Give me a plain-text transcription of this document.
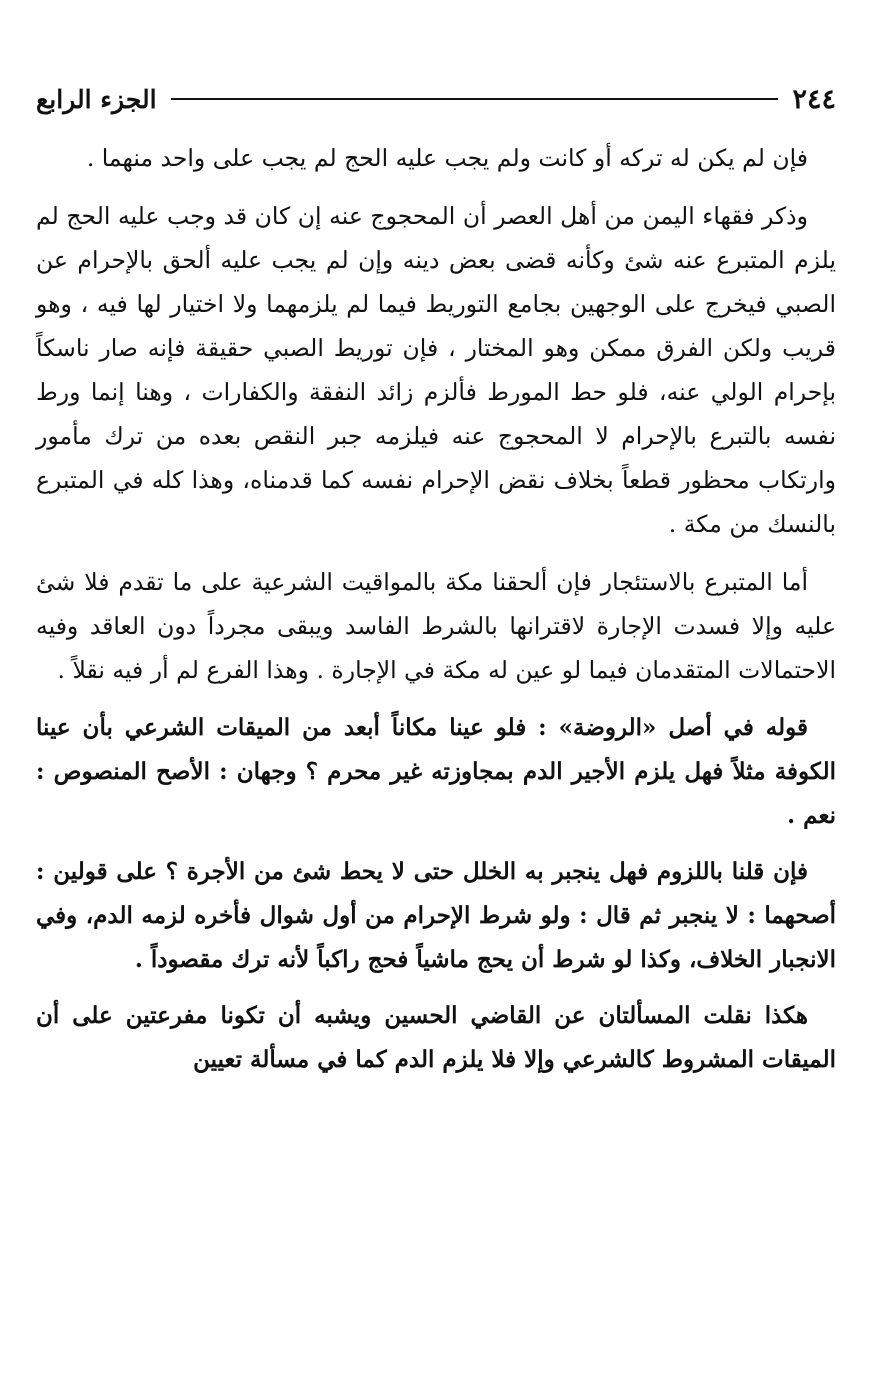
٢٤٤
الجزء الرابع

فإن لم يكن له تركه أو كانت ولم يجب عليه الحج لم يجب على واحد منهما .

وذكر فقهاء اليمن من أهل العصر أن المحجوج عنه إن كان قد وجب عليه الحج لم يلزم المتبرع عنه شئ وكأنه قضى بعض دينه وإن لم يجب عليه ألحق بالإحرام عن الصبي فيخرج على الوجهين بجامع التوريط فيما لم يلزمهما ولا اختيار لها فيه ، وهو قريب ولكن الفرق ممكن وهو المختار ، فإن توريط الصبي حقيقة فإنه صار ناسكاً بإحرام الولي عنه، فلو حط المورط فألزم زائد النفقة والكفارات ، وهنا إنما ورط نفسه بالتبرع بالإحرام لا المحجوج عنه فيلزمه جبر النقص بعده من ترك مأمور وارتكاب محظور قطعاً بخلاف نقض الإحرام نفسه كما قدمناه، وهذا كله في المتبرع بالنسك من مكة .

أما المتبرع بالاستئجار فإن ألحقنا مكة بالمواقيت الشرعية على ما تقدم فلا شئ عليه وإلا فسدت الإجارة لاقترانها بالشرط الفاسد ويبقى مجرداً دون العاقد وفيه الاحتمالات المتقدمان فيما لو عين له مكة في الإجارة . وهذا الفرع لم أر فيه نقلاً .

قوله في أصل «الروضة» : فلو عينا مكاناً أبعد من الميقات الشرعي بأن عينا الكوفة مثلاً فهل يلزم الأجير الدم بمجاوزته غير محرم ؟ وجهان : الأصح المنصوص : نعم .

فإن قلنا باللزوم فهل ينجبر به الخلل حتى لا يحط شئ من الأجرة ؟ على قولين : أصحهما : لا ينجبر ثم قال : ولو شرط الإحرام من أول شوال فأخره لزمه الدم، وفي الانجبار الخلاف، وكذا لو شرط أن يحج ماشياً فحج راكباً لأنه ترك مقصوداً .

هكذا نقلت المسألتان عن القاضي الحسين ويشبه أن تكونا مفرعتين على أن الميقات المشروط كالشرعي وإلا فلا يلزم الدم كما في مسألة تعيين
